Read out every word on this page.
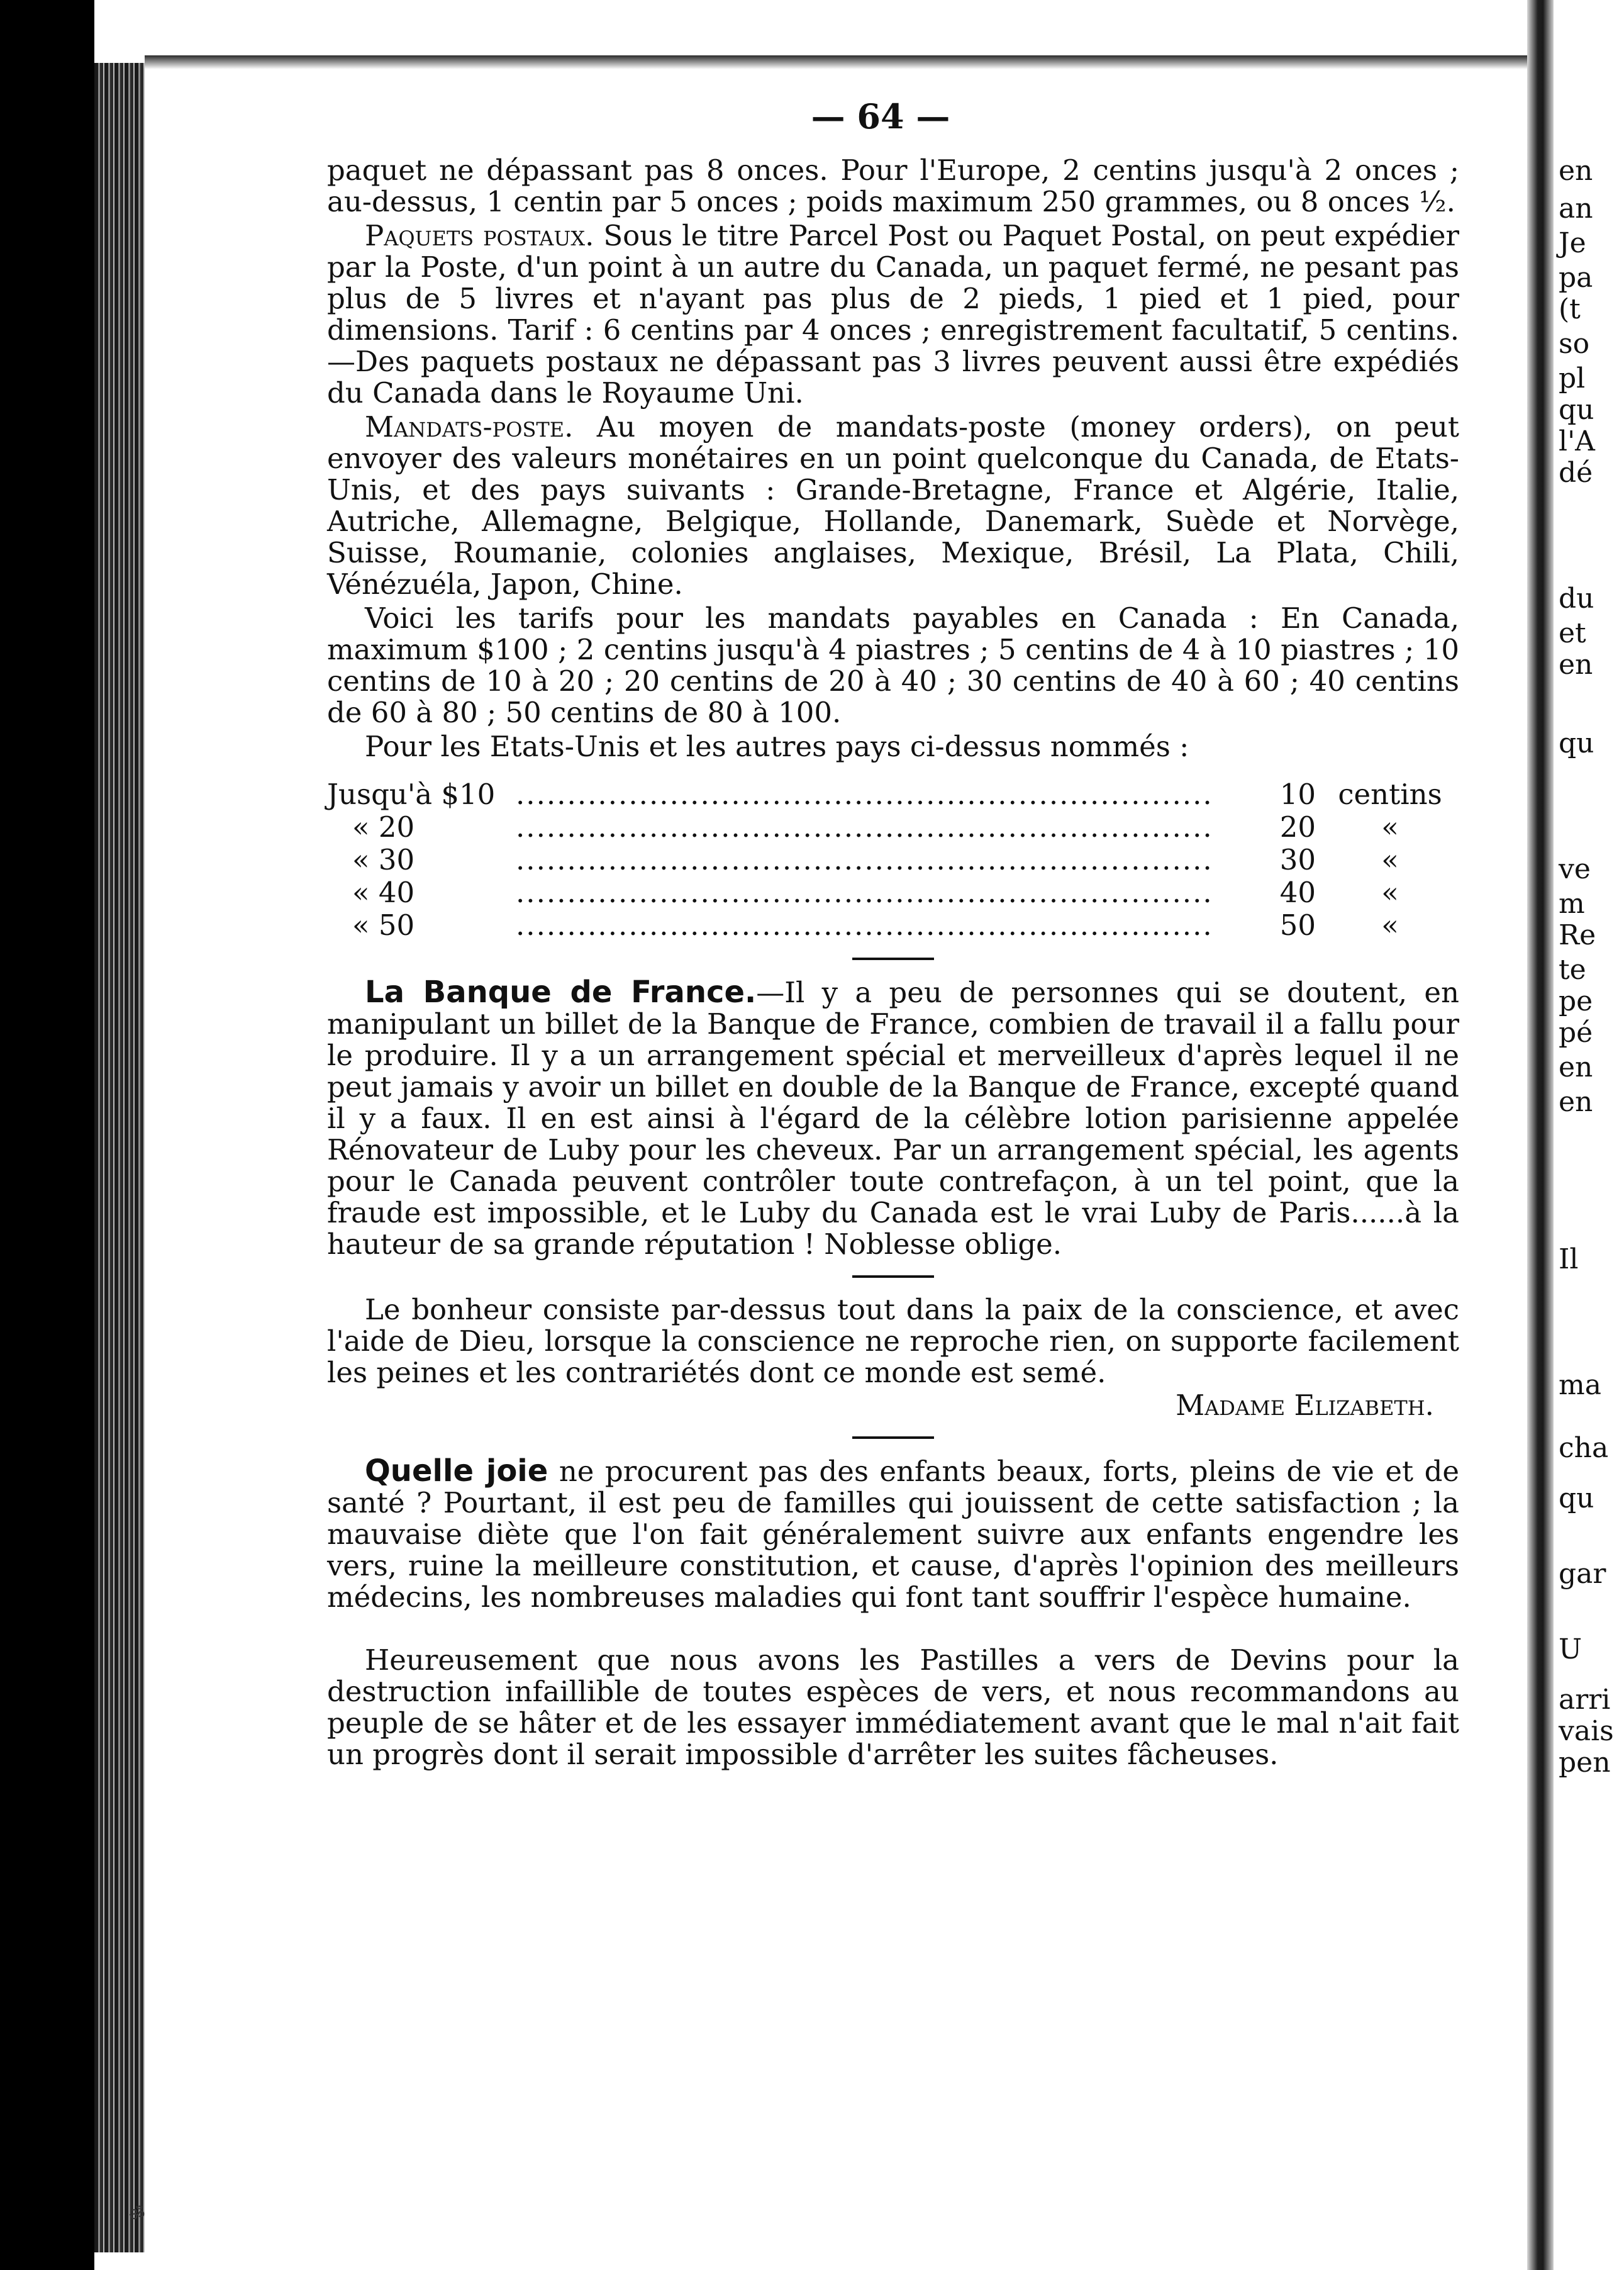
en
an
Je
pa
(t
so
pl
qu
l'A
dé
du
et
en
qu
ve
m
Re
te
pe
pé
en
en
Il
ma
cha
qu
gar
U
arri
vais
pen
— 64 —

paquet ne dépassant pas 8 onces. Pour l'Europe, 2 centins jusqu'à 2 onces ; au-dessus, 1 centin par 5 onces ; poids maximum 250 grammes, ou 8 onces ½.

Paquets postaux. Sous le titre Parcel Post ou Paquet Postal, on peut expédier par la Poste, d'un point à un autre du Canada, un paquet fermé, ne pesant pas plus de 5 livres et n'ayant pas plus de 2 pieds, 1 pied et 1 pied, pour dimensions. Tarif : 6 centins par 4 onces ; enregistrement facultatif, 5 centins.—Des paquets postaux ne dépassant pas 3 livres peuvent aussi être expédiés du Canada dans le Royaume Uni.

Mandats-poste. Au moyen de mandats-poste (money orders), on peut envoyer des valeurs monétaires en un point quelconque du Canada, de Etats-Unis, et des pays suivants : Grande-Bretagne, France et Algérie, Italie, Autriche, Allemagne, Belgique, Hollande, Danemark, Suède et Norvège, Suisse, Roumanie, colonies anglaises, Mexique, Brésil, La Plata, Chili, Vénézuéla, Japon, Chine.

Voici les tarifs pour les mandats payables en Canada : En Canada, maximum $100 ; 2 centins jusqu'à 4 piastres ; 5 centins de 4 à 10 piastres ; 10 centins de 10 à 20 ; 20 centins de 20 à 40 ; 30 centins de 40 à 60 ; 40 centins de 60 à 80 ; 50 centins de 80 à 100.

Pour les Etats-Unis et les autres pays ci-dessus nommés :

Jusqu'à $10 .....	10 centins
« 20 .....	20	«
« 30 .....	30	«
« 40 .....	40	«
« 50 .....	50	«

La Banque de France.—Il y a peu de personnes qui se doutent, en manipulant un billet de la Banque de France, combien de travail il a fallu pour le produire. Il y a un arrangement spécial et merveilleux d'après lequel il ne peut jamais y avoir un billet en double de la Banque de France, excepté quand il y a faux. Il en est ainsi à l'égard de la célèbre lotion parisienne appelée Rénovateur de Luby pour les cheveux. Par un arrangement spécial, les agents pour le Canada peuvent contrôler toute contrefaçon, à un tel point, que la fraude est impossible, et le Luby du Canada est le vrai Luby de Paris......à la hauteur de sa grande réputation ! Noblesse oblige.

Le bonheur consiste par-dessus tout dans la paix de la conscience, et avec l'aide de Dieu, lorsque la conscience ne reproche rien, on supporte facilement les peines et les contrariétés dont ce monde est semé.

Madame Elizabeth.

Quelle joie ne procurent pas des enfants beaux, forts, pleins de vie et de santé ? Pourtant, il est peu de familles qui jouissent de cette satisfaction ; la mauvaise diète que l'on fait généralement suivre aux enfants engendre les vers, ruine la meilleure constitution, et cause, d'après l'opinion des meilleurs médecins, les nombreuses maladies qui font tant souffrir l'espèce humaine.

Heureusement que nous avons les Pastilles a vers de Devins pour la destruction infaillible de toutes espèces de vers, et nous recommandons au peuple de se hâter et de les essayer immédiatement avant que le mal n'ait fait un progrès dont il serait impossible d'arrêter les suites fâcheuses.

ॐ
